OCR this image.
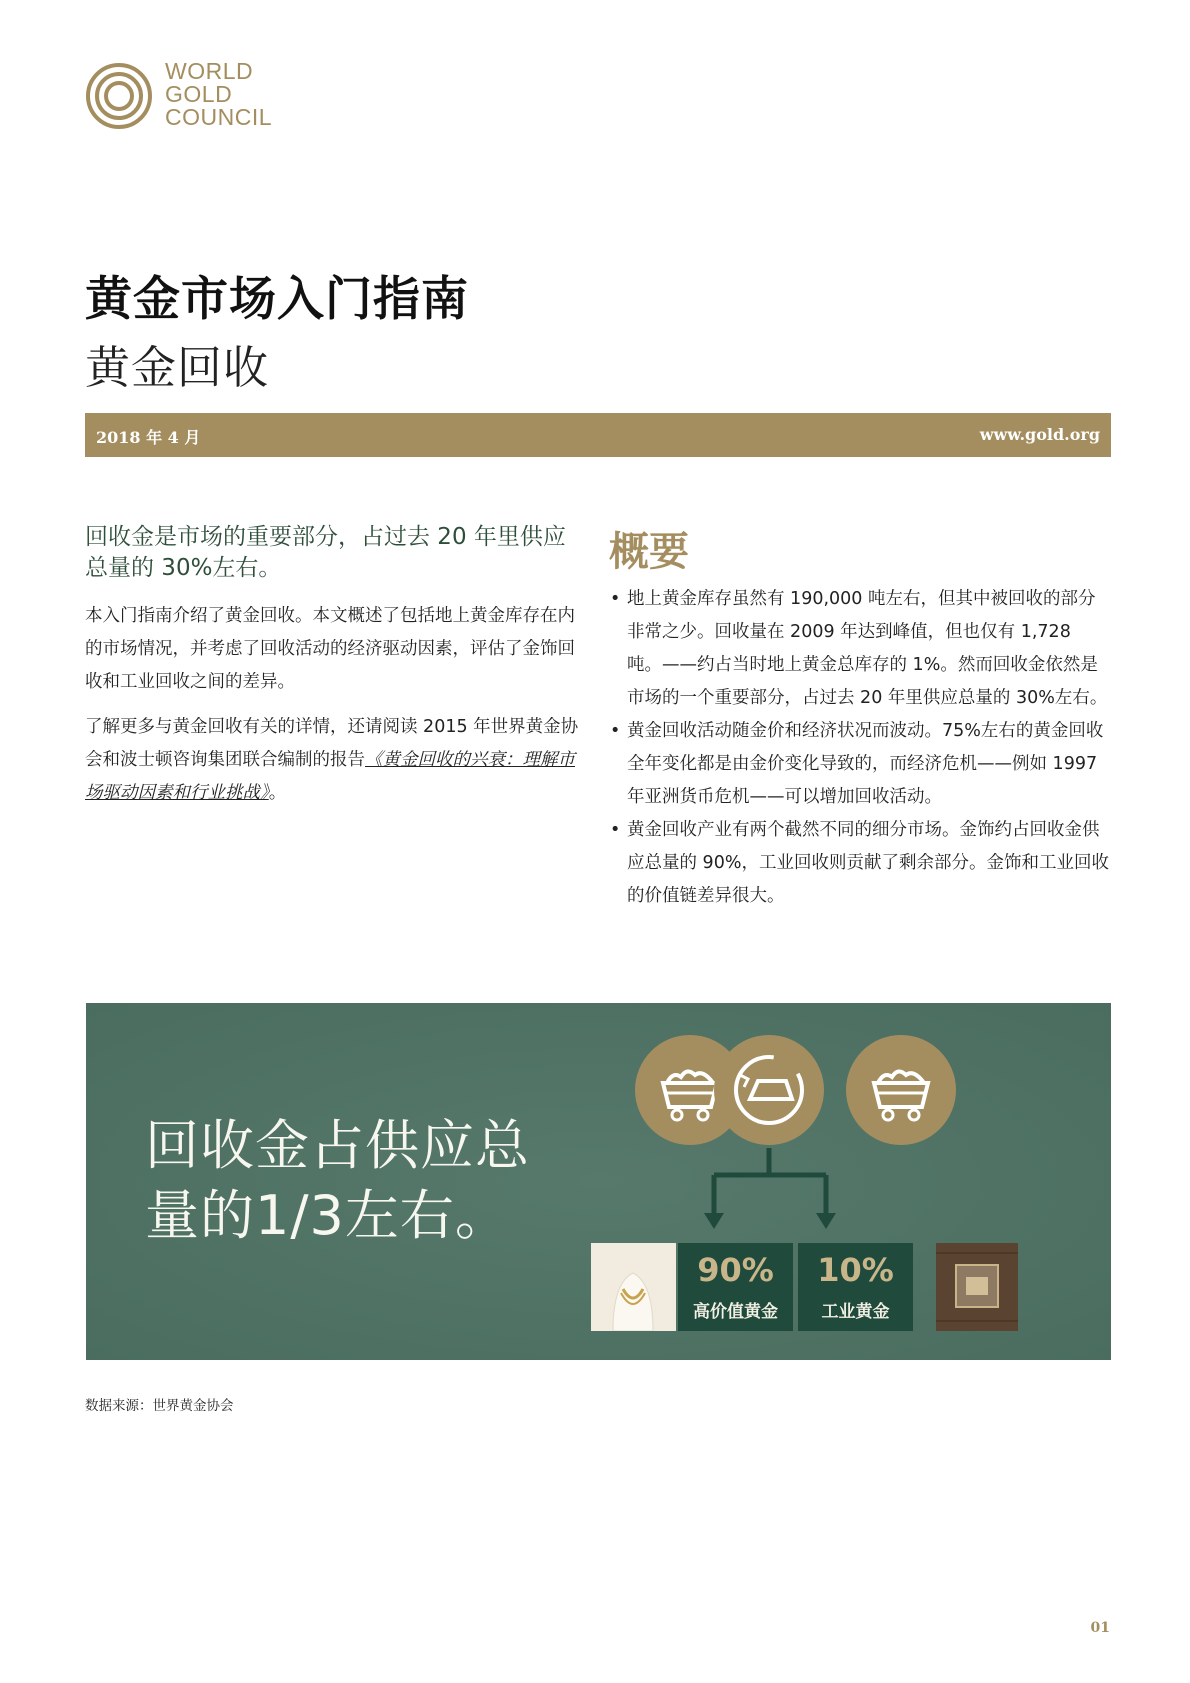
WORLD
GOLD
COUNCIL
黄金市场入门指南
黄金回收
2018 年 4 月	www.gold.org
回收金是市场的重要部分，占过去 20 年里供应总量的 30%左右。
本入门指南介绍了黄金回收。本文概述了包括地上黄金库存在内的市场情况，并考虑了回收活动的经济驱动因素，评估了金饰回收和工业回收之间的差异。
了解更多与黄金回收有关的详情，还请阅读 2015 年世界黄金协会和波士顿咨询集团联合编制的报告《黄金回收的兴衰：理解市场驱动因素和行业挑战》。
概要
• 地上黄金库存虽然有 190,000 吨左右，但其中被回收的部分非常之少。回收量在 2009 年达到峰值，但也仅有 1,728 吨。——约占当时地上黄金总库存的 1%。然而回收金依然是市场的一个重要部分，占过去 20 年里供应总量的 30%左右。
• 黄金回收活动随金价和经济状况而波动。75%左右的黄金回收全年变化都是由金价变化导致的，而经济危机——例如 1997 年亚洲货币危机——可以增加回收活动。
• 黄金回收产业有两个截然不同的细分市场。金饰约占回收金供应总量的 90%，工业回收则贡献了剩余部分。金饰和工业回收的价值链差异很大。
回收金占供应总
量的1/3左右。
90%
高价值黄金
10%
工业黄金
数据来源：世界黄金协会
01
